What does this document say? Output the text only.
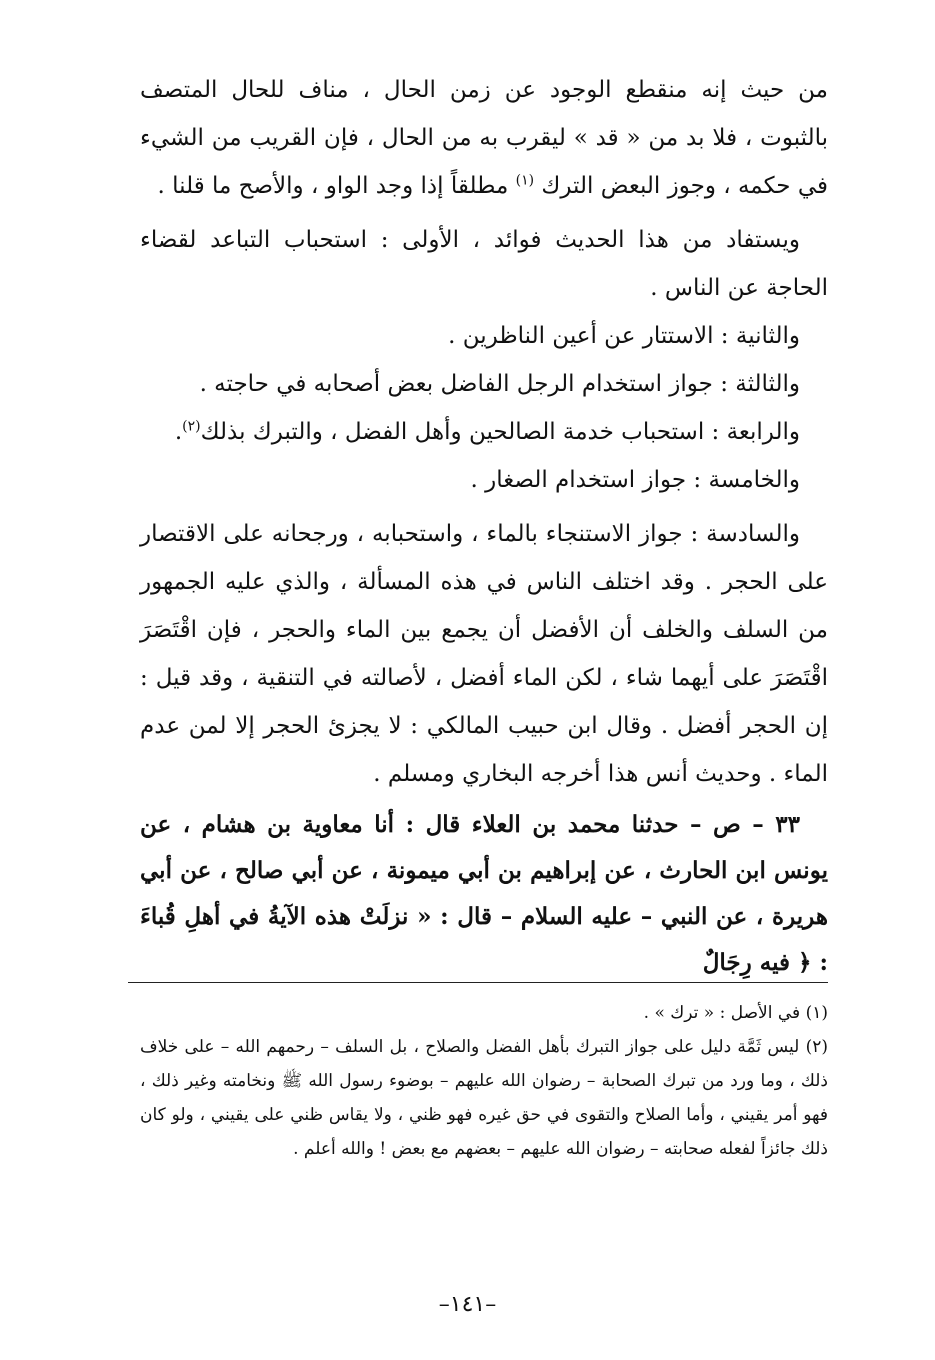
من حيث إنه منقطع الوجود عن زمن الحال ، مناف للحال المتصف بالثبوت ، فلا بد من « قد » ليقرب به من الحال ، فإن القريب من الشيء في حكمه ، وجوز البعض الترك $^{(١)}$ مطلقاً إذا وجد الواو ، والأصح ما قلنا .

ويستفاد من هذا الحديث فوائد ، الأولى : استحباب التباعد لقضاء الحاجة عن الناس .

والثانية : الاستتار عن أعين الناظرين .

والثالثة : جواز استخدام الرجل الفاضل بعض أصحابه في حاجته .

والرابعة : استحباب خدمة الصالحين وأهل الفضل ، والتبرك بذلك$^{(٢)}$.

والخامسة : جواز استخدام الصغار .

والسادسة : جواز الاستنجاء بالماء ، واستحبابه ، ورجحانه على الاقتصار على الحجر . وقد اختلف الناس في هذه المسألة ، والذي عليه الجمهور من السلف والخلف أن الأفضل أن يجمع بين الماء والحجر ، فإن اقْتَصَرَ اقْتَصَرَ على أيهما شاء ، لكن الماء أفضل ، لأصالته في التنقية ، وقد قيل : إن الحجر أفضل . وقال ابن حبيب المالكي : لا يجزئ الحجر إلا لمن عدم الماء . وحديث أنس هذا أخرجه البخاري ومسلم .

٣٣ – ص – حدثنا محمد بن العلاء قال : أنا معاوية بن هشام ، عن يونس ابن الحارث ، عن إبراهيم بن أبي ميمونة ، عن أبي صالح ، عن أبي هريرة ، عن النبي – عليه السلام – قال : « نزلَتْ هذه الآيةُ في أهلِ قُباءَ : ﴿ فيه رِجَالٌ

(١) في الأصل : « ترك » .

(٢) ليس ثَمَّة دليل على جواز التبرك بأهل الفضل والصلاح ، بل السلف – رحمهم الله – على خلاف ذلك ، وما ورد من تبرك الصحابة – رضوان الله عليهم – بوضوء رسول الله ﷺ ونخامته وغير ذلك ، فهو أمر يقيني ، وأما الصلاح والتقوى في حق غيره فهو ظني ، ولا يقاس ظني على يقيني ، ولو كان ذلك جائزاً لفعله صحابته – رضوان الله عليهم – بعضهم مع بعض ! والله أعلم .

–١٤١–
